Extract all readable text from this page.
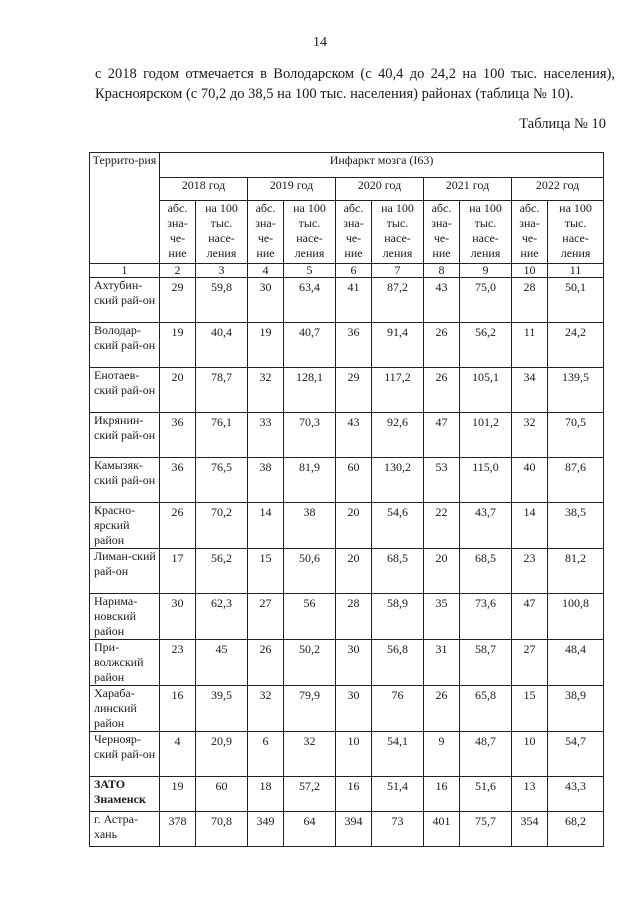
14
с 2018 годом отмечается в Володарском (с 40,4 до 24,2 на 100 тыс. населения),
Красноярском (с 70,2 до 38,5 на 100 тыс. населения) районах (таблица № 10).
Таблица № 10
Террито-рия	Инфаркт мозга (I63)									
	2018 год		2019 год		2020 год		2021 год		2022 год	
	абс. зна-че-ние	на 100 тыс. насе-ления	абс. зна-че-ние	на 100 тыс. насе-ления	абс. зна-че-ние	на 100 тыс. насе-ления	абс. зна-че-ние	на 100 тыс. насе-ления	абс. зна-че-ние	на 100 тыс. насе-ления
1	2	3	4	5	6	7	8	9	10	11
Ахтубин-ский рай-он	29	59,8	30	63,4	41	87,2	43	75,0	28	50,1
Володар-ский рай-он	19	40,4	19	40,7	36	91,4	26	56,2	11	24,2
Енотаев-ский рай-он	20	78,7	32	128,1	29	117,2	26	105,1	34	139,5
Икрянин-ский рай-он	36	76,1	33	70,3	43	92,6	47	101,2	32	70,5
Камызяк-ский рай-он	36	76,5	38	81,9	60	130,2	53	115,0	40	87,6
Красно-ярский район	26	70,2	14	38	20	54,6	22	43,7	14	38,5
Лиман-ский рай-он	17	56,2	15	50,6	20	68,5	20	68,5	23	81,2
Нарима-новский район	30	62,3	27	56	28	58,9	35	73,6	47	100,8
При-волжский район	23	45	26	50,2	30	56,8	31	58,7	27	48,4
Хараба-линский район	16	39,5	32	79,9	30	76	26	65,8	15	38,9
Чернояр-ский рай-он	4	20,9	6	32	10	54,1	9	48,7	10	54,7
ЗАТО Знаменск	19	60	18	57,2	16	51,4	16	51,6	13	43,3
г. Астра-хань	378	70,8	349	64	394	73	401	75,7	354	68,2
